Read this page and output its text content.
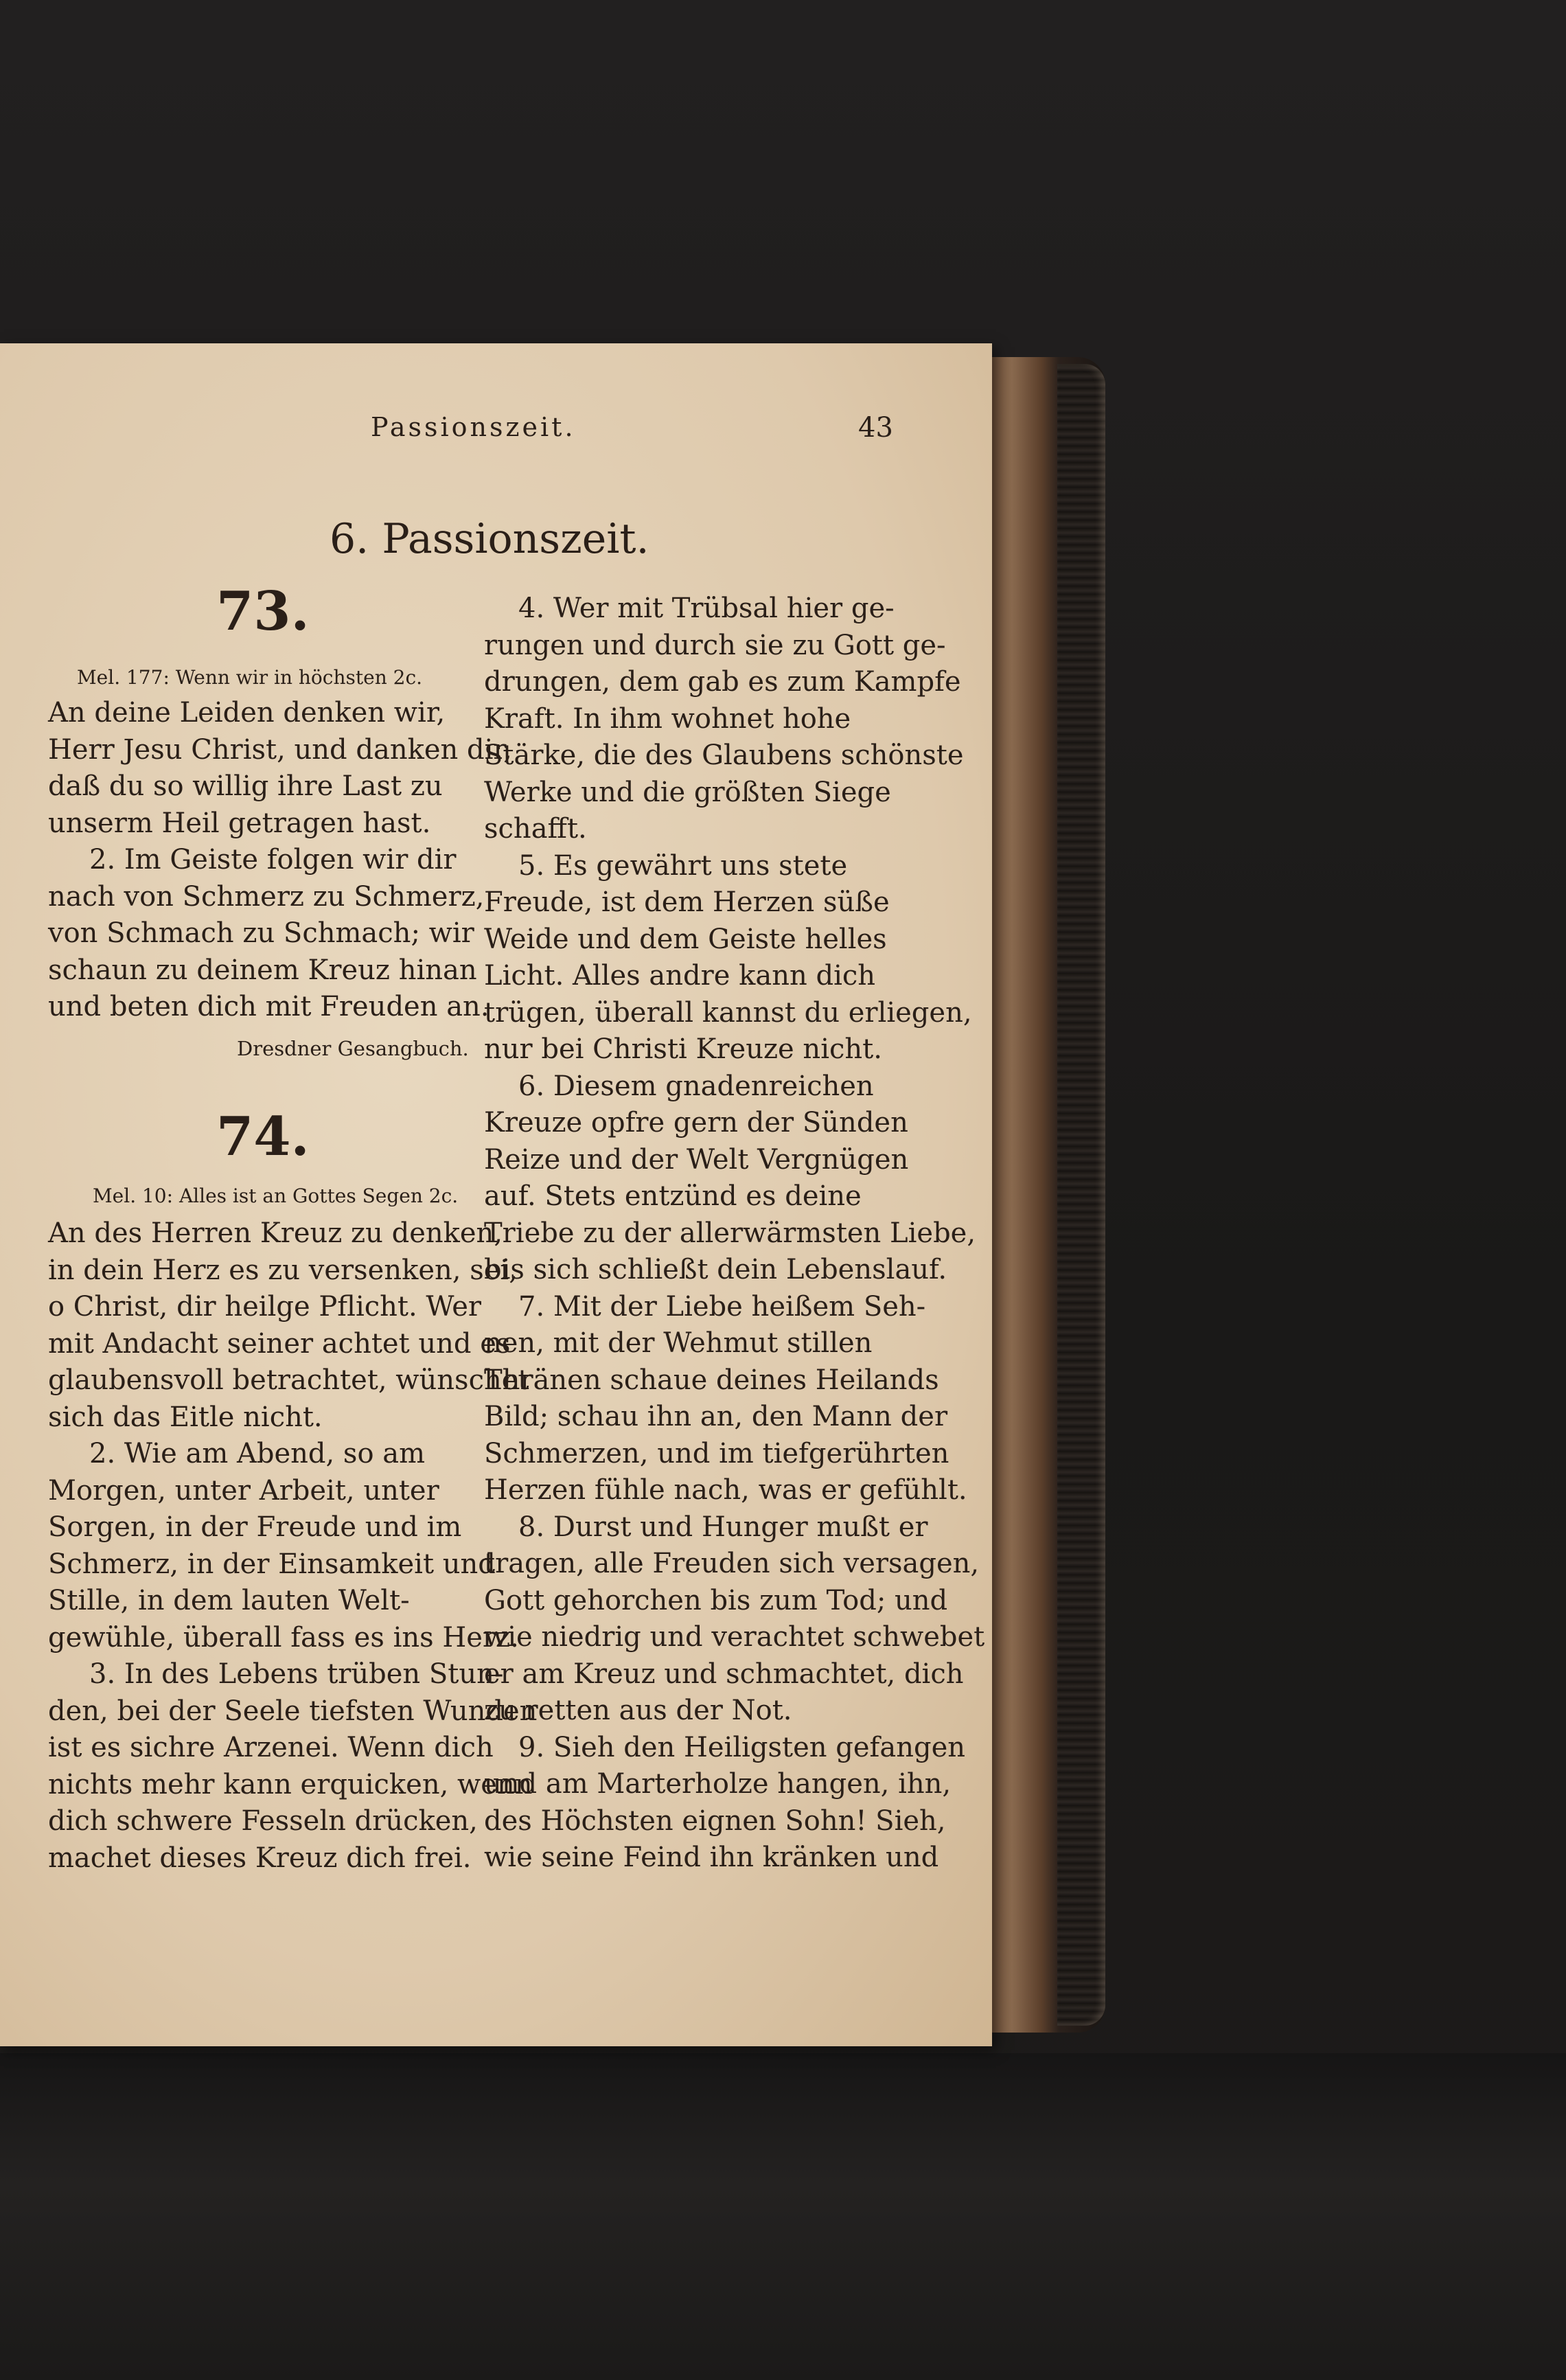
Passionszeit.	43
6. Passionszeit.
73.
Mel. 177: Wenn wir in höchsten 2c.
An deine Leiden denken wir,
Herr Jesu Christ, und danken dir,
daß du so willig ihre Last zu
unserm Heil getragen hast.
2. Im Geiste folgen wir dir
nach von Schmerz zu Schmerz,
von Schmach zu Schmach; wir
schaun zu deinem Kreuz hinan
und beten dich mit Freuden an.
Dresdner Gesangbuch.
74.
Mel. 10: Alles ist an Gottes Segen 2c.
An des Herren Kreuz zu denken,
in dein Herz es zu versenken, sei,
o Christ, dir heilge Pflicht. Wer
mit Andacht seiner achtet und es
glaubensvoll betrachtet, wünschet
sich das Eitle nicht.
2. Wie am Abend, so am
Morgen, unter Arbeit, unter
Sorgen, in der Freude und im
Schmerz, in der Einsamkeit und
Stille, in dem lauten Welt-
gewühle, überall fass es ins Herz.
3. In des Lebens trüben Stun-
den, bei der Seele tiefsten Wunden
ist es sichre Arzenei. Wenn dich
nichts mehr kann erquicken, wenn
dich schwere Fesseln drücken,
machet dieses Kreuz dich frei.
4. Wer mit Trübsal hier ge-
rungen und durch sie zu Gott ge-
drungen, dem gab es zum Kampfe
Kraft. In ihm wohnet hohe
Stärke, die des Glaubens schönste
Werke und die größten Siege
schafft.
5. Es gewährt uns stete
Freude, ist dem Herzen süße
Weide und dem Geiste helles
Licht. Alles andre kann dich
trügen, überall kannst du erliegen,
nur bei Christi Kreuze nicht.
6. Diesem gnadenreichen
Kreuze opfre gern der Sünden
Reize und der Welt Vergnügen
auf. Stets entzünd es deine
Triebe zu der allerwärmsten Liebe,
bis sich schließt dein Lebenslauf.
7. Mit der Liebe heißem Seh-
nen, mit der Wehmut stillen
Thränen schaue deines Heilands
Bild; schau ihn an, den Mann der
Schmerzen, und im tiefgerührten
Herzen fühle nach, was er gefühlt.
8. Durst und Hunger mußt er
tragen, alle Freuden sich versagen,
Gott gehorchen bis zum Tod; und
wie niedrig und verachtet schwebet
er am Kreuz und schmachtet, dich
zu retten aus der Not.
9. Sieh den Heiligsten gefangen
und am Marterholze hangen, ihn,
des Höchsten eignen Sohn! Sieh,
wie seine Feind ihn kränken und
